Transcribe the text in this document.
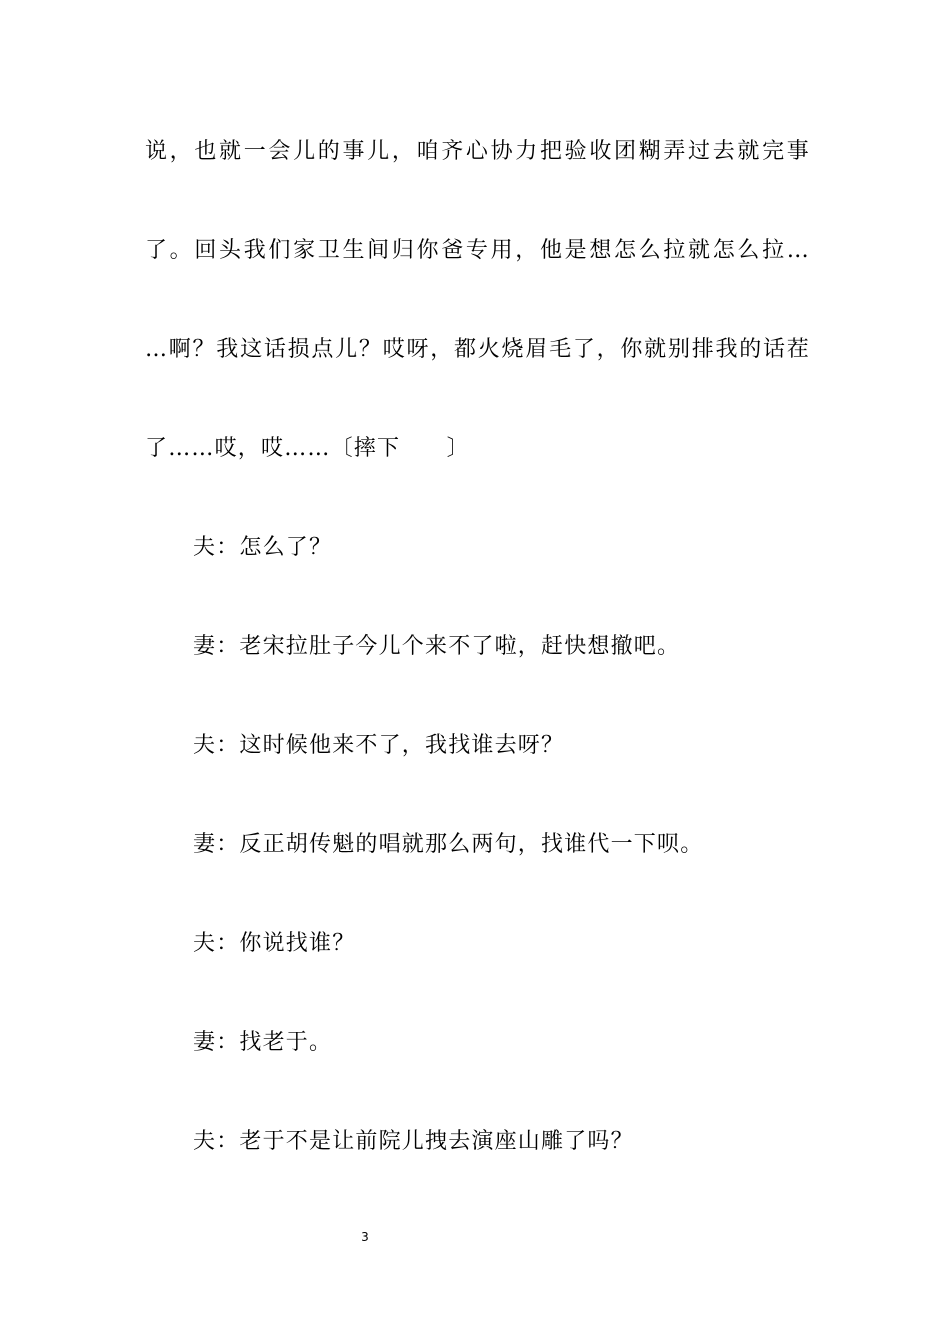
说，也就一会儿的事儿，咱齐心协力把验收团糊弄过去就完事
了。回头我们家卫生间归你爸专用，他是想怎么拉就怎么拉…
…啊？我这话损点儿？哎呀，都火烧眉毛了，你就别排我的话茬
了……哎，哎……〔摔下　　〕
夫：怎么了？
妻：老宋拉肚子今儿个来不了啦，赶快想撤吧。
夫：这时候他来不了，我找谁去呀？
妻：反正胡传魁的唱就那么两句，找谁代一下呗。
夫：你说找谁？
妻：找老于。
夫：老于不是让前院儿拽去演座山雕了吗？
3
